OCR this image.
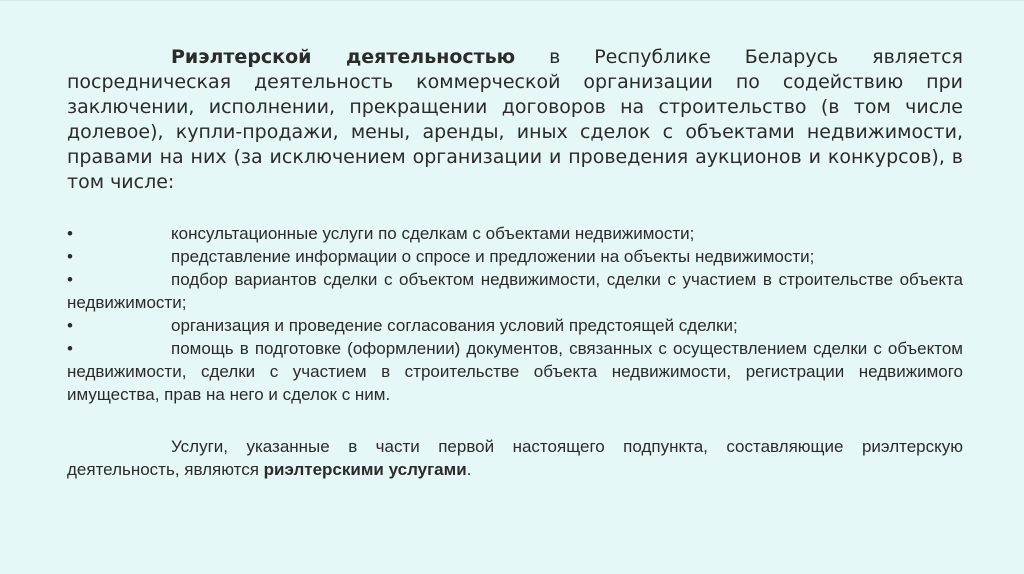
Риэлтерской деятельностью в Республике Беларусь является посредническая деятельность коммерческой организации по содействию при заключении, исполнении, прекращении договоров на строительство (в том числе долевое), купли-продажи, мены, аренды, иных сделок с объектами недвижимости, правами на них (за исключением организации и проведения аукционов и конкурсов), в том числе:

•	консультационные услуги по сделкам с объектами недвижимости;
•	представление информации о спросе и предложении на объекты недвижимости;
•	подбор вариантов сделки с объектом недвижимости, сделки с участием в строительстве объекта недвижимости;
•	организация и проведение согласования условий предстоящей сделки;
•	помощь в подготовке (оформлении) документов, связанных с осуществлением сделки с объектом недвижимости, сделки с участием в строительстве объекта недвижимости, регистрации недвижимого имущества, прав на него и сделок с ним.

Услуги, указанные в части первой настоящего подпункта, составляющие риэлтерскую деятельность, являются риэлтерскими услугами.
